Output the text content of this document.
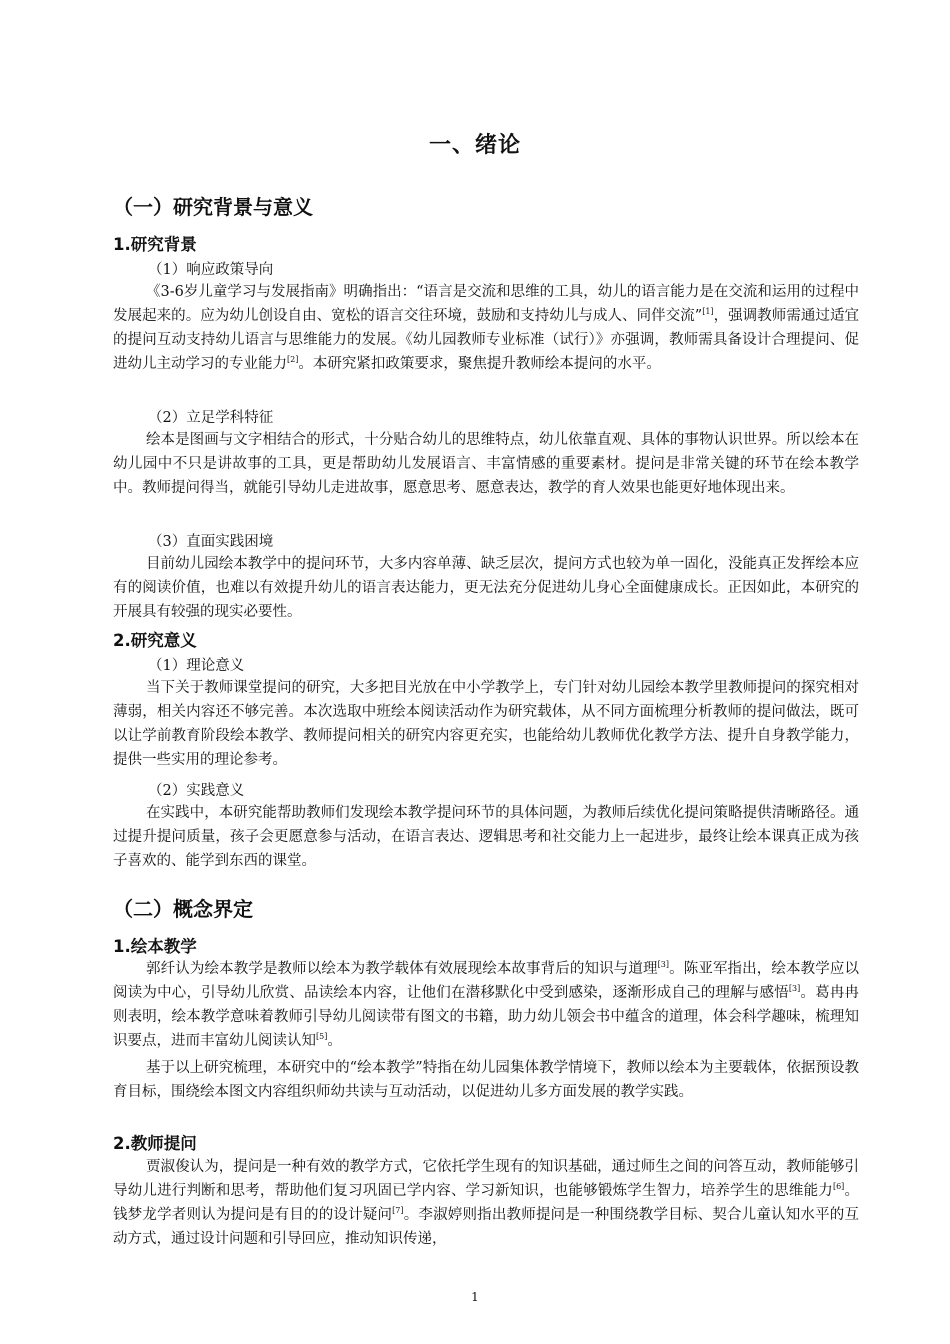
一、绪论
（一）研究背景与意义
1.研究背景
（1）响应政策导向

《3-6岁儿童学习与发展指南》明确指出：“语言是交流和思维的工具，幼儿的语言能力是在交流和运用的过程中发展起来的。应为幼儿创设自由、宽松的语言交往环境，鼓励和支持幼儿与成人、同伴交流”[1]，强调教师需通过适宜的提问互动支持幼儿语言与思维能力的发展。《幼儿园教师专业标准（试行）》亦强调，教师需具备设计合理提问、促进幼儿主动学习的专业能力[2]。本研究紧扣政策要求，聚焦提升教师绘本提问的水平。

（2）立足学科特征

绘本是图画与文字相结合的形式，十分贴合幼儿的思维特点，幼儿依靠直观、具体的事物认识世界。所以绘本在幼儿园中不只是讲故事的工具，更是帮助幼儿发展语言、丰富情感的重要素材。提问是非常关键的环节在绘本教学中。教师提问得当，就能引导幼儿走进故事，愿意思考、愿意表达，教学的育人效果也能更好地体现出来。

（3）直面实践困境

目前幼儿园绘本教学中的提问环节，大多内容单薄、缺乏层次，提问方式也较为单一固化，没能真正发挥绘本应有的阅读价值，也难以有效提升幼儿的语言表达能力，更无法充分促进幼儿身心全面健康成长。正因如此，本研究的开展具有较强的现实必要性。

2.研究意义
（1）理论意义

当下关于教师课堂提问的研究，大多把目光放在中小学教学上，专门针对幼儿园绘本教学里教师提问的探究相对薄弱，相关内容还不够完善。本次选取中班绘本阅读活动作为研究载体，从不同方面梳理分析教师的提问做法，既可以让学前教育阶段绘本教学、教师提问相关的研究内容更充实，也能给幼儿教师优化教学方法、提升自身教学能力，提供一些实用的理论参考。

（2）实践意义

在实践中，本研究能帮助教师们发现绘本教学提问环节的具体问题，为教师后续优化提问策略提供清晰路径。通过提升提问质量，孩子会更愿意参与活动，在语言表达、逻辑思考和社交能力上一起进步，最终让绘本课真正成为孩子喜欢的、能学到东西的课堂。

（二）概念界定
1.绘本教学

郭纤认为绘本教学是教师以绘本为教学载体有效展现绘本故事背后的知识与道理[3]。陈亚军指出，绘本教学应以阅读为中心，引导幼儿欣赏、品读绘本内容，让他们在潜移默化中受到感染，逐渐形成自己的理解与感悟[3]。葛冉冉则表明，绘本教学意味着教师引导幼儿阅读带有图文的书籍，助力幼儿领会书中蕴含的道理，体会科学趣味，梳理知识要点，进而丰富幼儿阅读认知[5]。

基于以上研究梳理，本研究中的“绘本教学”特指在幼儿园集体教学情境下，教师以绘本为主要载体，依据预设教育目标，围绕绘本图文内容组织师幼共读与互动活动，以促进幼儿多方面发展的教学实践。

2.教师提问

贾淑俊认为，提问是一种有效的教学方式，它依托学生现有的知识基础，通过师生之间的问答互动，教师能够引导幼儿进行判断和思考，帮助他们复习巩固已学内容、学习新知识，也能够锻炼学生智力，培养学生的思维能力[6]。钱梦龙学者则认为提问是有目的的设计疑问[7]。李淑婷则指出教师提问是一种围绕教学目标、契合儿童认知水平的互动方式，通过设计问题和引导回应，推动知识传递，

1
